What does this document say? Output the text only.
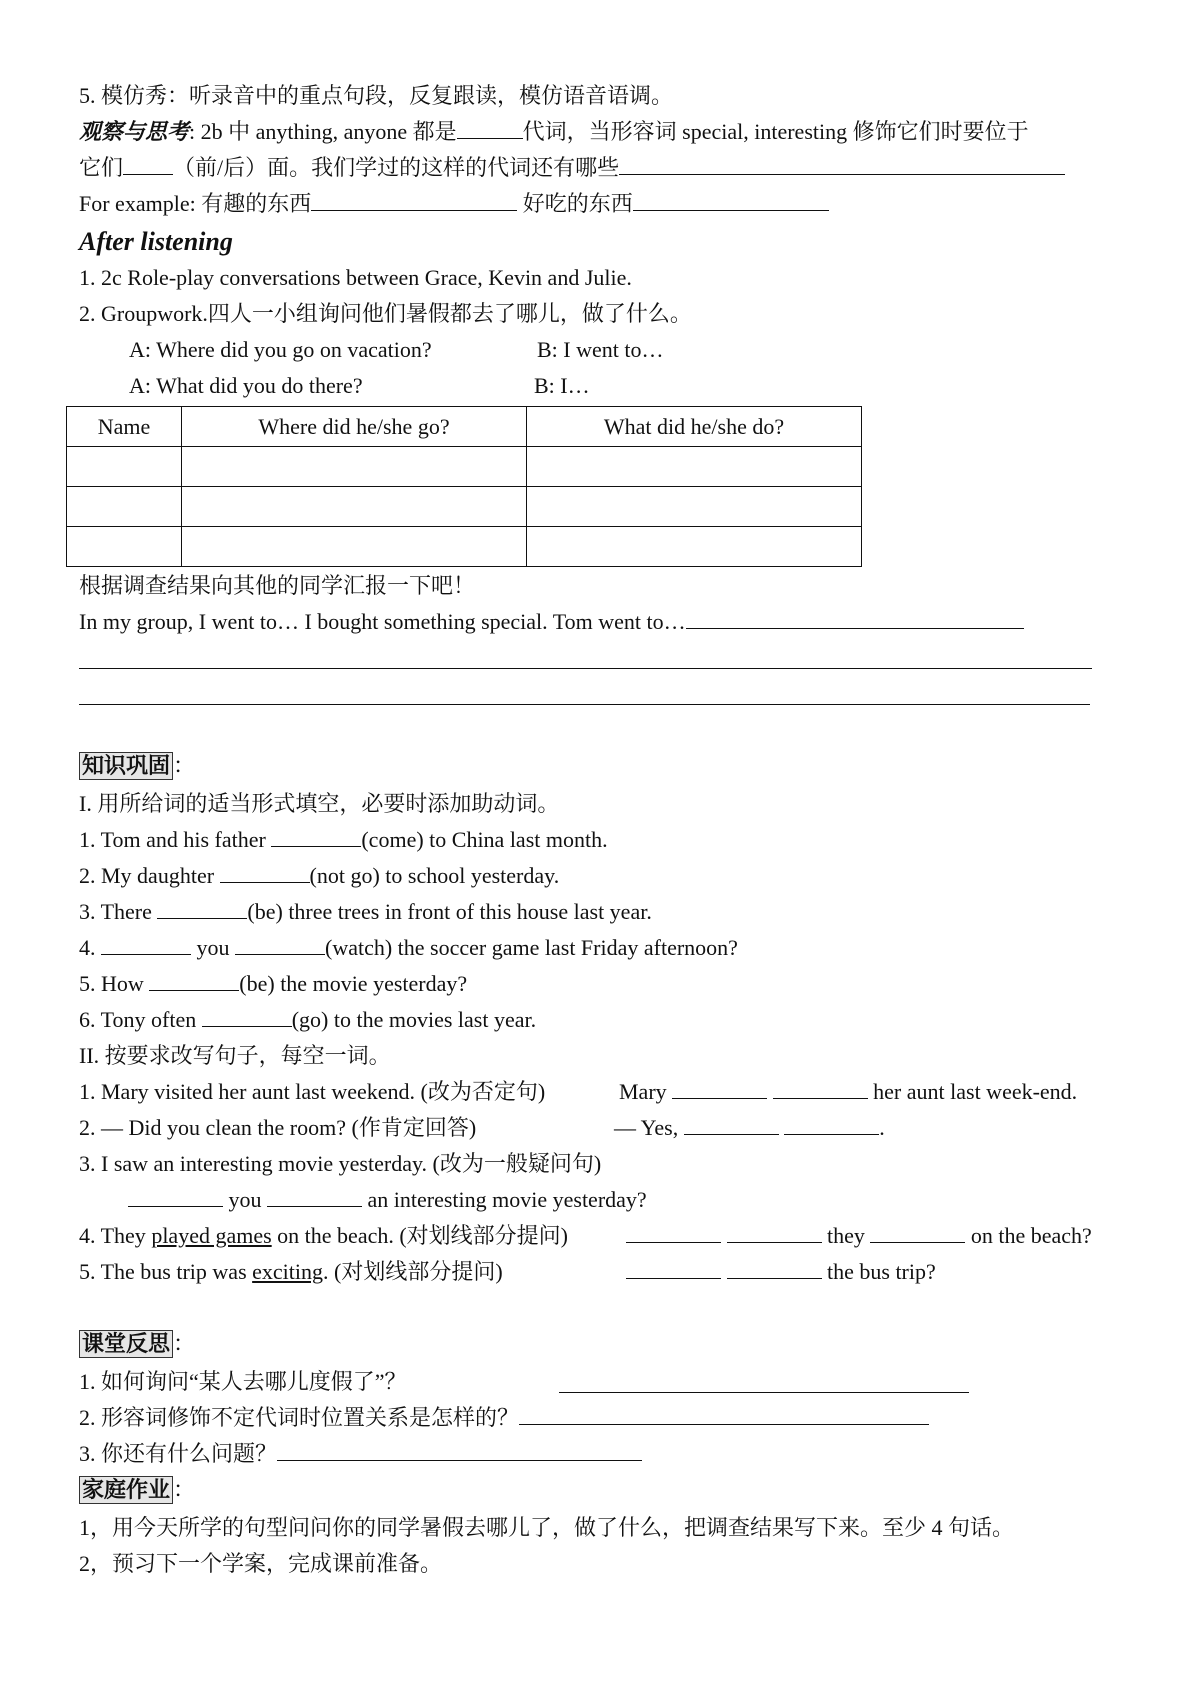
5. 模仿秀：听录音中的重点句段，反复跟读，模仿语音语调。
观察与思考: 2b 中 anything, anyone 都是	代词，当形容词 special, interesting 修饰它们时要位于
它们 （前/后）面。我们学过的这样的代词还有哪些
For example: 有趣的东西	好吃的东西
After listening
1. 2c Role-play conversations between Grace, Kevin and Julie.
2. Groupwork.四人一小组询问他们暑假都去了哪儿，做了什么。
A: Where did you go on vacation?	B: I went to…
A: What did you do there?	B: I…
Name	Where did he/she go?	What did he/she do?

根据调查结果向其他的同学汇报一下吧！
In my group, I went to… I bought something special. Tom went to…
知识巩固 ：
I. 用所给词的适当形式填空，必要时添加助动词。
1. Tom and his father	(come) to China last month.
2. My daughter	(not go) to school yesterday.
3. There	(be) three trees in front of this house last year.
4.	you	(watch) the soccer game last Friday afternoon?
5. How	(be) the movie yesterday?
6. Tony often	(go) to the movies last year.
II. 按要求改写句子，每空一词。
1. Mary visited her aunt last weekend. (改为否定句)	Mary	her aunt last week-end.
2. — Did you clean the room? (作肯定回答)	— Yes,	.
3. I saw an interesting movie yesterday. (改为一般疑问句)
you	an interesting movie yesterday?
4. They played games on the beach. (对划线部分提问)	they	on the beach?
5. The bus trip was exciting. (对划线部分提问)	the bus trip?
课堂反思 ：
1. 如何询问“某人去哪儿度假了”？
2. 形容词修饰不定代词时位置关系是怎样的？
3. 你还有什么问题？
家庭作业 ：
1，用今天所学的句型问问你的同学暑假去哪儿了，做了什么，把调查结果写下来。至少 4 句话。
2，预习下一个学案，完成课前准备。
